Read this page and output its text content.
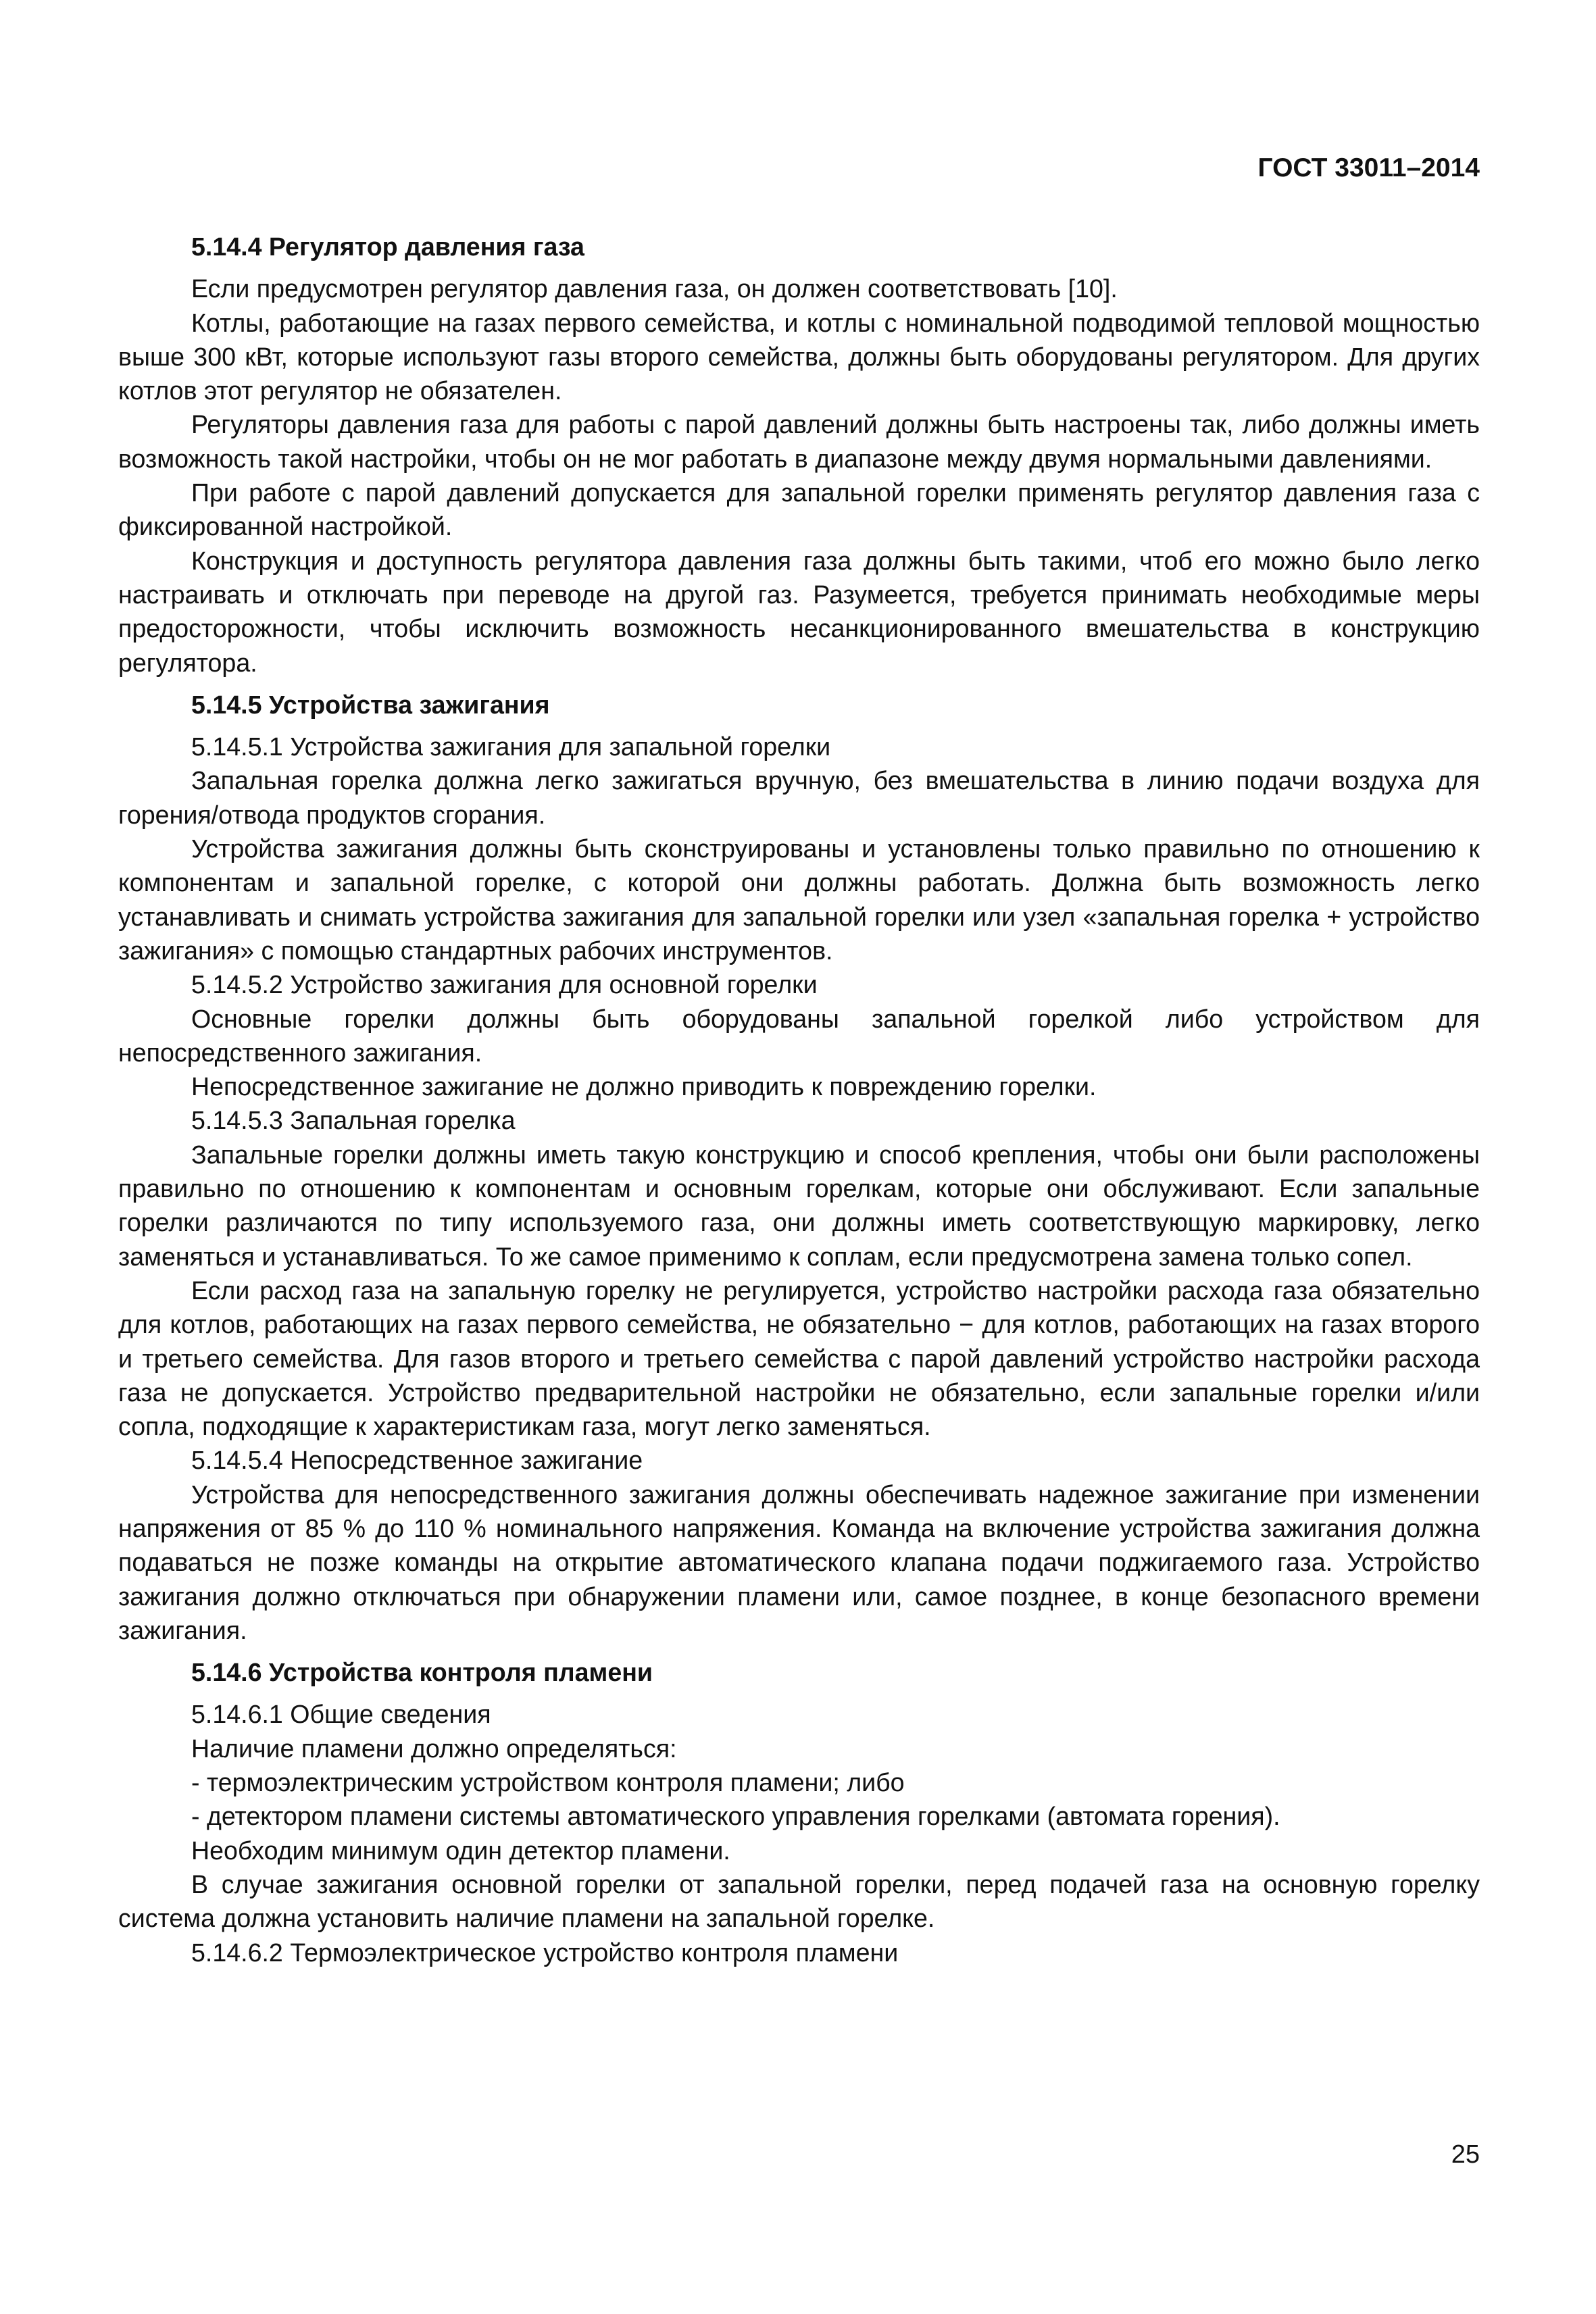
ГОСТ 33011–2014
5.14.4 Регулятор давления газа

Если предусмотрен регулятор давления газа, он должен соответствовать [10].

Котлы, работающие на газах первого семейства, и котлы с номинальной подводимой тепловой мощностью выше 300 кВт, которые используют газы второго семейства, должны быть оборудованы регулятором. Для других котлов этот регулятор не обязателен.

Регуляторы давления газа для работы с парой давлений должны быть настроены так, либо должны иметь возможность такой настройки, чтобы он не мог работать в диапазоне между двумя нормальными давлениями.

При работе с парой давлений допускается для запальной горелки применять регулятор давления газа с фиксированной настройкой.

Конструкция и доступность регулятора давления газа должны быть такими, чтоб его можно было легко настраивать и отключать при переводе на другой газ. Разумеется, требуется принимать необходимые меры предосторожности, чтобы исключить возможность несанкционированного вмешательства в конструкцию регулятора.

5.14.5 Устройства зажигания

5.14.5.1 Устройства зажигания для запальной горелки

Запальная горелка должна легко зажигаться вручную, без вмешательства в линию подачи воздуха для горения/отвода продуктов сгорания.

Устройства зажигания должны быть сконструированы и установлены только правильно по отношению к компонентам и запальной горелке, с которой они должны работать. Должна быть возможность легко устанавливать и снимать устройства зажигания для запальной горелки или узел «запальная горелка + устройство зажигания» с помощью стандартных рабочих инструментов.

5.14.5.2 Устройство зажигания для основной горелки

Основные горелки должны быть оборудованы запальной горелкой либо устройством для непосредственного зажигания.

Непосредственное зажигание не должно приводить к повреждению горелки.

5.14.5.3 Запальная горелка

Запальные горелки должны иметь такую конструкцию и способ крепления, чтобы они были расположены правильно по отношению к компонентам и основным горелкам, которые они обслуживают. Если запальные горелки различаются по типу используемого газа, они должны иметь соответствующую маркировку, легко заменяться и устанавливаться. То же самое применимо к соплам, если предусмотрена замена только сопел.

Если расход газа на запальную горелку не регулируется, устройство настройки расхода газа обязательно для котлов, работающих на газах первого семейства, не обязательно − для котлов, работающих на газах второго и третьего семейства. Для газов второго и третьего семейства с парой давлений устройство настройки расхода газа не допускается. Устройство предварительной настройки не обязательно, если запальные горелки и/или сопла, подходящие к характеристикам газа, могут легко заменяться.

5.14.5.4 Непосредственное зажигание

Устройства для непосредственного зажигания должны обеспечивать надежное зажигание при изменении напряжения от 85 % до 110 % номинального напряжения. Команда на включение устройства зажигания должна подаваться не позже команды на открытие автоматического клапана подачи поджигаемого газа. Устройство зажигания должно отключаться при обнаружении пламени или, самое позднее, в конце безопасного времени зажигания.

5.14.6 Устройства контроля пламени

5.14.6.1 Общие сведения

Наличие пламени должно определяться:

- термоэлектрическим устройством контроля пламени; либо

- детектором пламени системы автоматического управления горелками (автомата горения).

Необходим минимум один детектор пламени.

В случае зажигания основной горелки от запальной горелки, перед подачей газа на основную горелку система должна установить наличие пламени на запальной горелке.

5.14.6.2 Термоэлектрическое устройство контроля пламени

25
